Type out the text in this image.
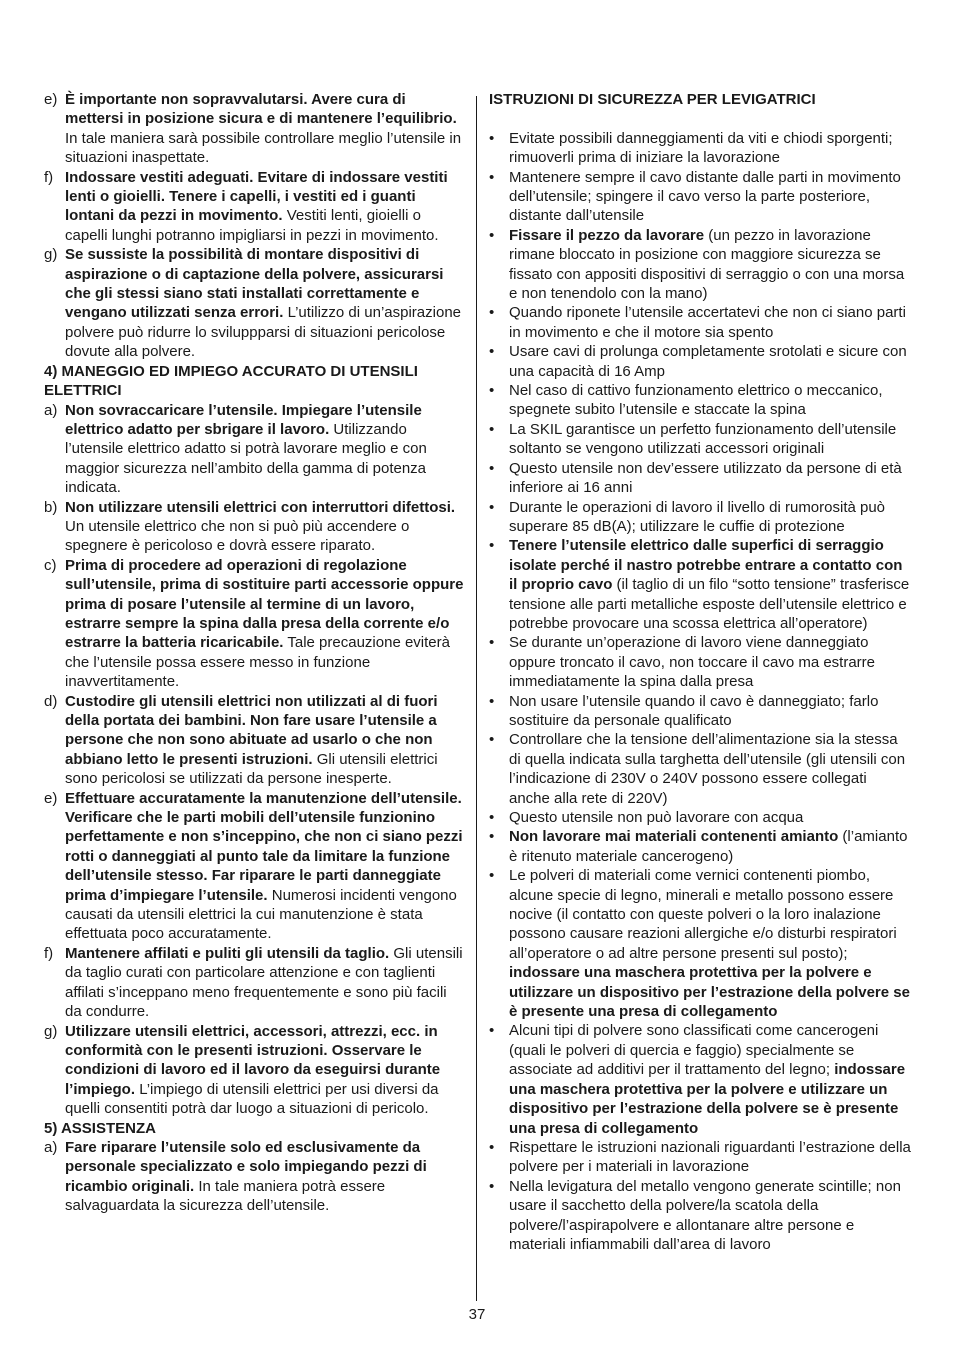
e) È importante non sopravvalutarsi. Avere cura di mettersi in posizione sicura e di mantenere l’equilibrio. In tale maniera sarà possibile controllare meglio l’utensile in situazioni inaspettate.
f) Indossare vestiti adeguati. Evitare di indossare vestiti lenti o gioielli. Tenere i capelli, i vestiti ed i guanti lontani da pezzi in movimento. Vestiti lenti, gioielli o capelli lunghi potranno impigliarsi in pezzi in movimento.
g) Se sussiste la possibilità di montare dispositivi di aspirazione o di captazione della polvere, assicurarsi che gli stessi siano stati installati correttamente e vengano utilizzati senza errori. L’utilizzo di un’aspirazione polvere può ridurre lo sviluppparsi di situazioni pericolose dovute alla polvere.
4) MANEGGIO ED IMPIEGO ACCURATO DI UTENSILI ELETTRICI
a) Non sovraccaricare l’utensile. Impiegare l’utensile elettrico adatto per sbrigare il lavoro. Utilizzando l’utensile elettrico adatto si potrà lavorare meglio e con maggior sicurezza nell’ambito della gamma di potenza indicata.
b) Non utilizzare utensili elettrici con interruttori difettosi. Un utensile elettrico che non si può più accendere o spegnere è pericoloso e dovrà essere riparato.
c) Prima di procedere ad operazioni di regolazione sull’utensile, prima di sostituire parti accessorie oppure prima di posare l’utensile al termine di un lavoro, estrarre sempre la spina dalla presa della corrente e/o estrarre la batteria ricaricabile. Tale precauzione eviterà che l’utensile possa essere messo in funzione inavvertitamente.
d) Custodire gli utensili elettrici non utilizzati al di fuori della portata dei bambini. Non fare usare l’utensile a persone che non sono abituate ad usarlo o che non abbiano letto le presenti istruzioni. Gli utensili elettrici sono pericolosi se utilizzati da persone inesperte.
e) Effettuare accuratamente la manutenzione dell’utensile. Verificare che le parti mobili dell’utensile funzionino perfettamente e non s’inceppino, che non ci siano pezzi rotti o danneggiati al punto tale da limitare la funzione dell’utensile stesso. Far riparare le parti danneggiate prima d’impiegare l’utensile. Numerosi incidenti vengono causati da utensili elettrici la cui manutenzione è stata effettuata poco accuratamente.
f) Mantenere affilati e puliti gli utensili da taglio. Gli utensili da taglio curati con particolare attenzione e con taglienti affilati s’inceppano meno frequentemente e sono più facili da condurre.
g) Utilizzare utensili elettrici, accessori, attrezzi, ecc. in conformità con le presenti istruzioni. Osservare le condizioni di lavoro ed il lavoro da eseguirsi durante l’impiego. L’impiego di utensili elettrici per usi diversi da quelli consentiti potrà dar luogo a situazioni di pericolo.
5) ASSISTENZA
a) Fare riparare l’utensile solo ed esclusivamente da personale specializzato e solo impiegando pezzi di ricambio originali. In tale maniera potrà essere salvaguardata la sicurezza dell’utensile.
ISTRUZIONI DI SICUREZZA PER LEVIGATRICI
• Evitate possibili danneggiamenti da viti e chiodi sporgenti; rimuoverli prima di iniziare la lavorazione
• Mantenere sempre il cavo distante dalle parti in movimento dell’utensile; spingere il cavo verso la parte posteriore, distante dall’utensile
• Fissare il pezzo da lavorare (un pezzo in lavorazione rimane bloccato in posizione con maggiore sicurezza se fissato con appositi dispositivi di serraggio o con una morsa e non tenendolo con la mano)
• Quando riponete l’utensile accertatevi che non ci siano parti in movimento e che il motore sia spento
• Usare cavi di prolunga completamente srotolati e sicure con una capacità di 16 Amp
• Nel caso di cattivo funzionamento elettrico o meccanico, spegnete subito l’utensile e staccate la spina
• La SKIL garantisce un perfetto funzionamento dell’utensile soltanto se vengono utilizzati accessori originali
• Questo utensile non dev’essere utilizzato da persone di età inferiore ai 16 anni
• Durante le operazioni di lavoro il livello di rumorosità può superare 85 dB(A); utilizzare le cuffie di protezione
• Tenere l’utensile elettrico dalle superfici di serraggio isolate perché il nastro potrebbe entrare a contatto con il proprio cavo (il taglio di un filo “sotto tensione” trasferisce tensione alle parti metalliche esposte dell’utensile elettrico e potrebbe provocare una scossa elettrica all’operatore)
• Se durante un’operazione di lavoro viene danneggiato oppure troncato il cavo, non toccare il cavo ma estrarre immediatamente la spina dalla presa
• Non usare l’utensile quando il cavo è danneggiato; farlo sostituire da personale qualificato
• Controllare che la tensione dell’alimentazione sia la stessa di quella indicata sulla targhetta dell’utensile (gli utensili con l’indicazione di 230V o 240V possono essere collegati anche alla rete di 220V)
• Questo utensile non può lavorare con acqua
• Non lavorare mai materiali contenenti amianto (l’amianto è ritenuto materiale cancerogeno)
• Le polveri di materiali come vernici contenenti piombo, alcune specie di legno, minerali e metallo possono essere nocive (il contatto con queste polveri o la loro inalazione possono causare reazioni allergiche e/o disturbi respiratori all’operatore o ad altre persone presenti sul posto); indossare una maschera protettiva per la polvere e utilizzare un dispositivo per l’estrazione della polvere se è presente una presa di collegamento
• Alcuni tipi di polvere sono classificati come cancerogeni (quali le polveri di quercia e faggio) specialmente se associate ad additivi per il trattamento del legno; indossare una maschera protettiva per la polvere e utilizzare un dispositivo per l’estrazione della polvere se è presente una presa di collegamento
• Rispettare le istruzioni nazionali riguardanti l’estrazione della polvere per i materiali in lavorazione
• Nella levigatura del metallo vengono generate scintille; non usare il sacchetto della polvere/la scatola della polvere/l’aspirapolvere e allontanare altre persone e materiali infiammabili dall’area di lavoro
37
